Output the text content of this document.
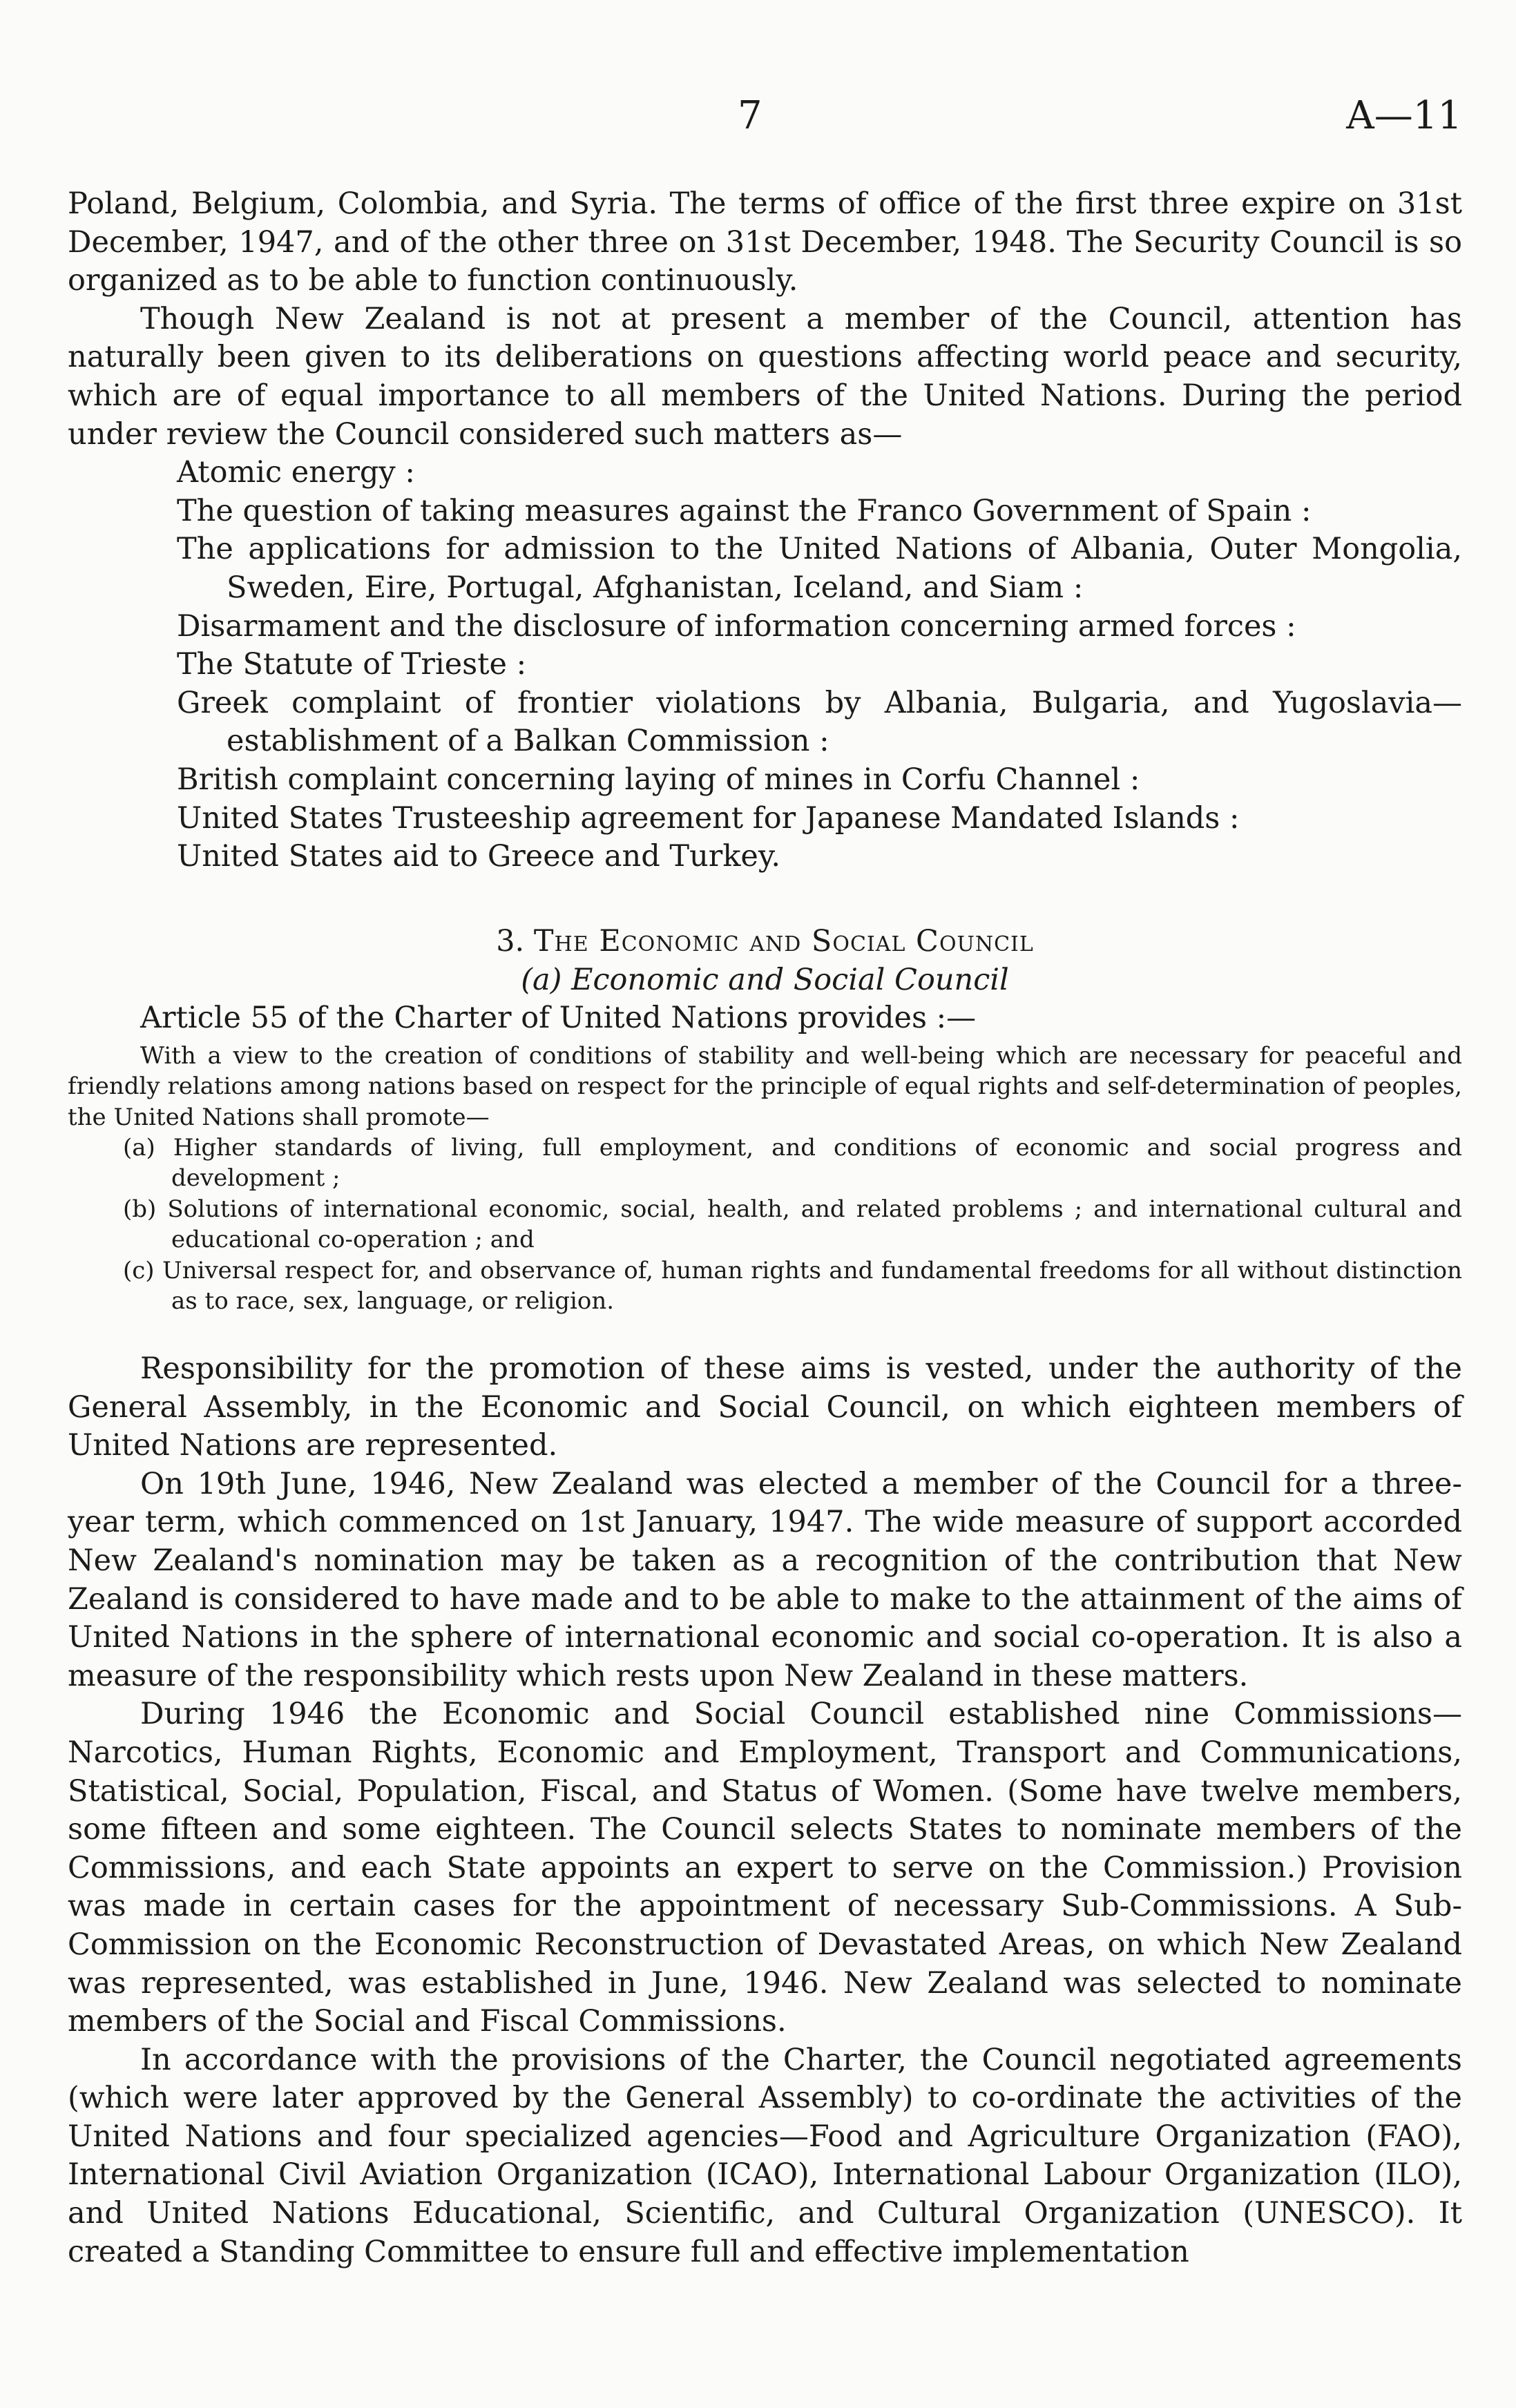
7	A—11
Poland, Belgium, Colombia, and Syria. The terms of office of the first three expire on 31st December, 1947, and of the other three on 31st December, 1948. The Security Council is so organized as to be able to function continuously.
Though New Zealand is not at present a member of the Council, attention has naturally been given to its deliberations on questions affecting world peace and security, which are of equal importance to all members of the United Nations. During the period under review the Council considered such matters as—
Atomic energy :
The question of taking measures against the Franco Government of Spain :
The applications for admission to the United Nations of Albania, Outer Mongolia, Sweden, Eire, Portugal, Afghanistan, Iceland, and Siam :
Disarmament and the disclosure of information concerning armed forces :
The Statute of Trieste :
Greek complaint of frontier violations by Albania, Bulgaria, and Yugoslavia—establishment of a Balkan Commission :
British complaint concerning laying of mines in Corfu Channel :
United States Trusteeship agreement for Japanese Mandated Islands :
United States aid to Greece and Turkey.
3. The Economic and Social Council
(a) Economic and Social Council
Article 55 of the Charter of United Nations provides :—
With a view to the creation of conditions of stability and well-being which are necessary for peaceful and friendly relations among nations based on respect for the principle of equal rights and self-determination of peoples, the United Nations shall promote—
(a) Higher standards of living, full employment, and conditions of economic and social progress and development ;
(b) Solutions of international economic, social, health, and related problems ; and international cultural and educational co-operation ; and
(c) Universal respect for, and observance of, human rights and fundamental freedoms for all without distinction as to race, sex, language, or religion.
Responsibility for the promotion of these aims is vested, under the authority of the General Assembly, in the Economic and Social Council, on which eighteen members of United Nations are represented.
On 19th June, 1946, New Zealand was elected a member of the Council for a three-year term, which commenced on 1st January, 1947. The wide measure of support accorded New Zealand's nomination may be taken as a recognition of the contribution that New Zealand is considered to have made and to be able to make to the attainment of the aims of United Nations in the sphere of international economic and social co-operation. It is also a measure of the responsibility which rests upon New Zealand in these matters.
During 1946 the Economic and Social Council established nine Commissions—Narcotics, Human Rights, Economic and Employment, Transport and Communications, Statistical, Social, Population, Fiscal, and Status of Women. (Some have twelve members, some fifteen and some eighteen. The Council selects States to nominate members of the Commissions, and each State appoints an expert to serve on the Commission.) Provision was made in certain cases for the appointment of necessary Sub-Commissions. A Sub-Commission on the Economic Reconstruction of Devastated Areas, on which New Zealand was represented, was established in June, 1946. New Zealand was selected to nominate members of the Social and Fiscal Commissions.
In accordance with the provisions of the Charter, the Council negotiated agreements (which were later approved by the General Assembly) to co-ordinate the activities of the United Nations and four specialized agencies—Food and Agriculture Organization (FAO), International Civil Aviation Organization (ICAO), International Labour Organization (ILO), and United Nations Educational, Scientific, and Cultural Organization (UNESCO). It created a Standing Committee to ensure full and effective implementation
